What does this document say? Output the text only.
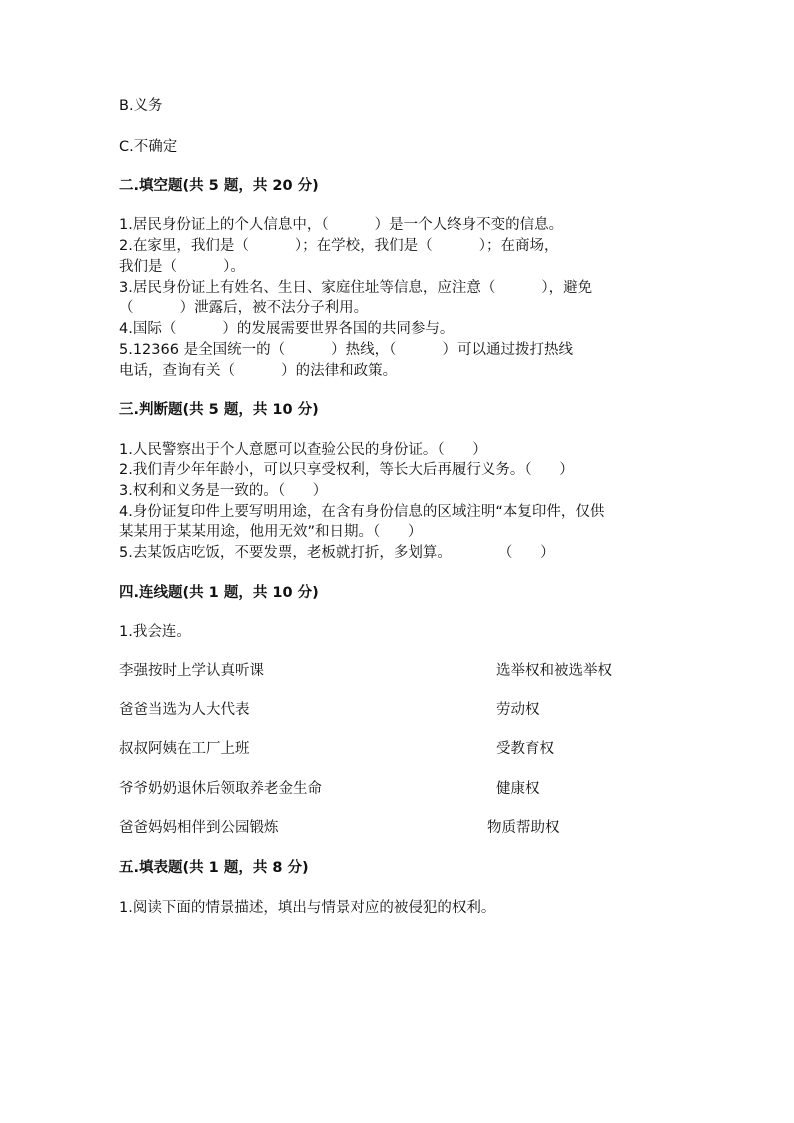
B.义务
C.不确定
二.填空题(共 5 题，共 20 分)
1.居民身份证上的个人信息中，（          ）是一个人终身不变的信息。
2.在家里，我们是（          ）；在学校，我们是（          ）；在商场，
我们是（          ）。
3.居民身份证上有姓名、生日、家庭住址等信息，应注意（          ），避免
（          ）泄露后，被不法分子利用。
4.国际（          ）的发展需要世界各国的共同参与。
5.12366 是全国统一的（          ）热线，（          ）可以通过拨打热线
电话，查询有关（          ）的法律和政策。
三.判断题(共 5 题，共 10 分)
1.人民警察出于个人意愿可以查验公民的身份证。（      ）
2.我们青少年年龄小，可以只享受权利，等长大后再履行义务。（      ）
3.权利和义务是一致的。（      ）
4.身份证复印件上要写明用途，在含有身份信息的区域注明“本复印件，仅供
某某用于某某用途，他用无效”和日期。（      ）
5.去某饭店吃饭，不要发票，老板就打折，多划算。          （      ）
四.连线题(共 1 题，共 10 分)
1.我会连。
李强按时上学认真听课	选举权和被选举权
爸爸当选为人大代表	劳动权
叔叔阿姨在工厂上班	受教育权
爷爷奶奶退休后领取养老金生命	健康权
爸爸妈妈相伴到公园锻炼	物质帮助权
五.填表题(共 1 题，共 8 分)
1.阅读下面的情景描述，填出与情景对应的被侵犯的权利。
